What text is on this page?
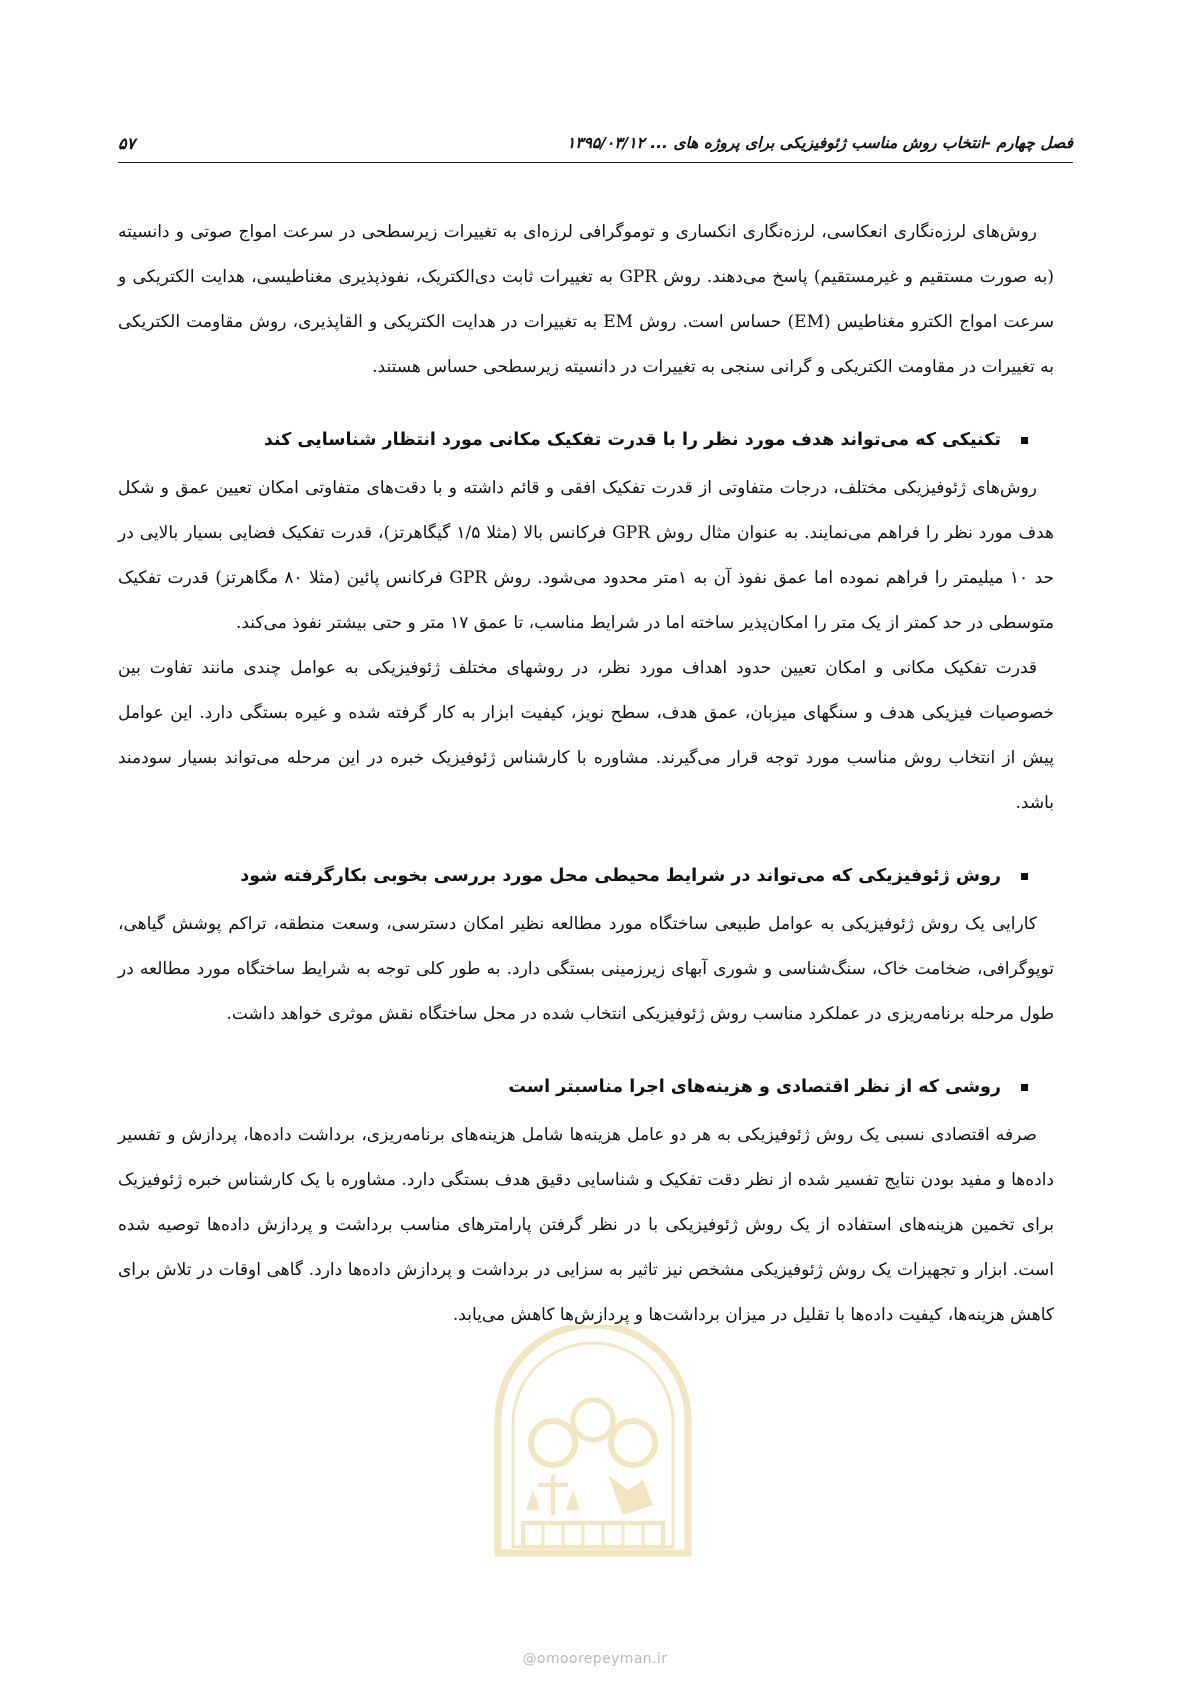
فصل چهارم -انتخاب روش مناسب ژئوفیزیکی برای پروژه های ... ۱۳۹۵/۰۳/۱۲
۵۷

روش‌های لرزه‌نگاری انعکاسی، لرزه‌نگاری انکساری و توموگرافی لرزه‌ای به تغییرات زیرسطحی در سرعت امواج صوتی و دانسیته (به صورت مستقیم و غیرمستقیم) پاسخ می‌دهند. روش GPR به تغییرات ثابت دی‌الکتریک، نفوذپذیری مغناطیسی، هدایت الکتریکی و سرعت امواج الکترو مغناطیس (EM) حساس است. روش EM به تغییرات در هدایت الکتریکی و القاپذیری، روش مقاومت الکتریکی به تغییرات در مقاومت الکتریکی و گرانی سنجی به تغییرات در دانسیته زیرسطحی حساس هستند.

تکنیکی که می‌تواند هدف مورد نظر را با قدرت تفکیک مکانی مورد انتظار شناسایی کند

روش‌های ژئوفیزیکی مختلف، درجات متفاوتی از قدرت تفکیک افقی و قائم داشته و با دقت‌های متفاوتی امکان تعیین عمق و شکل هدف مورد نظر را فراهم می‌نمایند. به عنوان مثال روش GPR فرکانس بالا (مثلا ۱/۵ گیگاهرتز)، قدرت تفکیک فضایی بسیار بالایی در حد ۱۰ میلیمتر را فراهم نموده اما عمق نفوذ آن به ۱متر محدود می‌شود. روش GPR فرکانس پائین (مثلا ۸۰ مگاهرتز) قدرت تفکیک متوسطی در حد کمتر از یک متر را امکان‌پذیر ساخته اما در شرایط مناسب، تا عمق ۱۷ متر و حتی بیشتر نفوذ می‌کند.

قدرت تفکیک مکانی و امکان تعیین حدود اهداف مورد نظر، در روشهای مختلف ژئوفیزیکی به عوامل چندی مانند تفاوت بین خصوصیات فیزیکی هدف و سنگهای میزبان، عمق هدف، سطح نویز، کیفیت ابزار به کار گرفته شده و غیره بستگی دارد. این عوامل پیش از انتخاب روش مناسب مورد توجه قرار می‌گیرند. مشاوره با کارشناس ژئوفیزیک خبره در این مرحله می‌تواند بسیار سودمند باشد.

روش ژئوفیزیکی که می‌تواند در شرایط محیطی محل مورد بررسی بخوبی بکارگرفته شود

کارایی یک روش ژئوفیزیکی به عوامل طبیعی ساختگاه مورد مطالعه نظیر امکان دسترسی، وسعت منطقه، تراکم پوشش گیاهی، توپوگرافی، ضخامت خاک، سنگ‌شناسی و شوری آبهای زیرزمینی بستگی دارد. به طور کلی توجه به شرایط ساختگاه مورد مطالعه در طول مرحله برنامه‌ریزی در عملکرد مناسب روش ژئوفیزیکی انتخاب شده در محل ساختگاه نقش موثری خواهد داشت.

روشی که از نظر اقتصادی و هزینه‌های اجرا مناسبتر است

صرفه اقتصادی نسبی یک روش ژئوفیزیکی به هر دو عامل هزینه‌ها شامل هزینه‌های برنامه‌ریزی، برداشت داده‌ها، پردازش و تفسیر داده‌ها و مفید بودن نتایج تفسیر شده از نظر دقت تفکیک و شناسایی دقیق هدف بستگی دارد. مشاوره با یک کارشناس خبره ژئوفیزیک برای تخمین هزینه‌های استفاده از یک روش ژئوفیزیکی با در نظر گرفتن پارامترهای مناسب برداشت و پردازش داده‌ها توصیه شده است. ابزار و تجهیزات یک روش ژئوفیزیکی مشخص نیز تاثیر به سزایی در برداشت و پردازش داده‌ها دارد. گاهی اوقات در تلاش برای کاهش هزینه‌ها، کیفیت داده‌ها با تقلیل در میزان برداشت‌ها و پردازش‌ها کاهش می‌یابد.

@omoorepeyman.ir
